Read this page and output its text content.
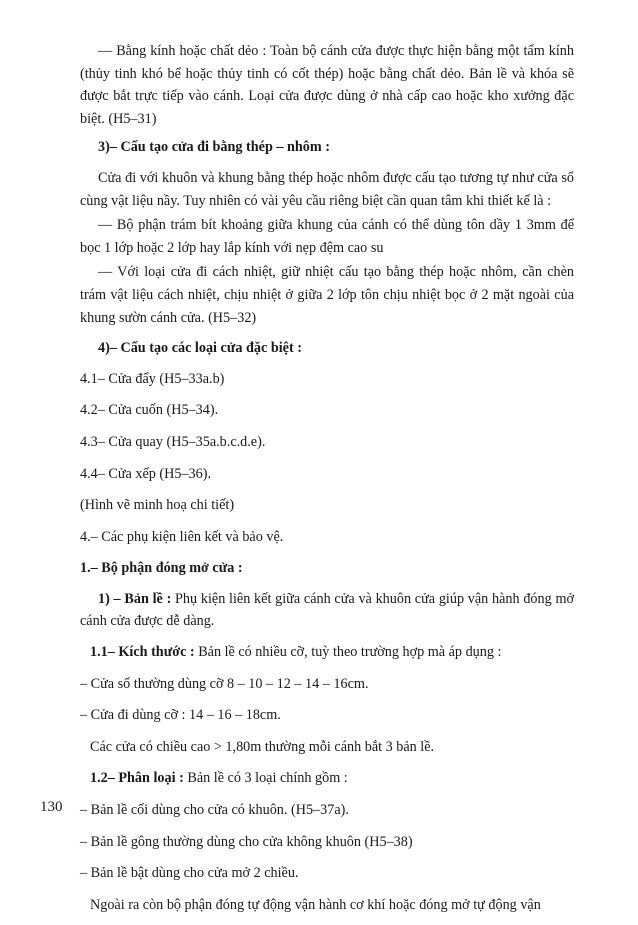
— Bằng kính hoặc chất dẻo : Toàn bộ cánh cửa được thực hiện bằng một tấm kính (thủy tinh khó bể hoặc thủy tinh có cốt thép) hoặc bằng chất dẻo. Bản lề và khóa sẽ được bắt trực tiếp vào cánh. Loại cửa được dùng ở nhà cấp cao hoặc kho xưởng đặc biệt. (H5–31)

3)– Cấu tạo cửa đi bằng thép – nhôm :

Cửa đi với khuôn và khung bằng thép hoặc nhôm được cấu tạo tương tự như cửa sổ cùng vật liệu nầy. Tuy nhiên có vài yêu cầu riêng biệt cần quan tâm khi thiết kế là :

— Bộ phận trám bít khoảng giữa khung của cánh có thể dùng tôn dầy 1 3mm để bọc 1 lớp hoặc 2 lớp hay lắp kính với nẹp đệm cao su

— Với loại cửa đi cách nhiệt, giữ nhiệt cấu tạo bằng thép hoặc nhôm, cần chèn trám vật liệu cách nhiệt, chịu nhiệt ở giữa 2 lớp tôn chịu nhiệt bọc ở 2 mặt ngoài của khung sườn cánh cửa. (H5–32)

4)– Cấu tạo các loại cửa đặc biệt :

4.1– Cửa đẩy (H5–33a.b)

4.2– Cửa cuốn (H5–34).

4.3– Cửa quay (H5–35a.b.c.d.e).

4.4– Cửa xếp (H5–36).

(Hình vẽ minh hoạ chi tiết)

4.– Các phụ kiện liên kết và bảo vệ.

1.– Bộ phận đóng mở cửa :

1) – Bản lề : Phụ kiện liên kết giữa cánh cửa và khuôn cửa giúp vận hành đóng mở cánh cửa được dễ dàng.

1.1– Kích thước : Bản lề có nhiều cỡ, tuỳ theo trường hợp mà áp dụng :

– Cửa sổ thường dùng cỡ 8 – 10 – 12 – 14 – 16cm.

– Cửa đi dùng cỡ : 14 – 16 – 18cm.

Các cửa có chiều cao > 1,80m thường mỗi cánh bắt 3 bản lề.

1.2– Phân loại : Bản lề có 3 loại chính gồm :

– Bản lề cối dùng cho cửa có khuôn. (H5–37a).

– Bản lề gông thường dùng cho cửa không khuôn (H5–38)

– Bản lề bật dùng cho cửa mở 2 chiều.

Ngoài ra còn bộ phận đóng tự động vận hành cơ khí hoặc đóng mở tự động vận

130
